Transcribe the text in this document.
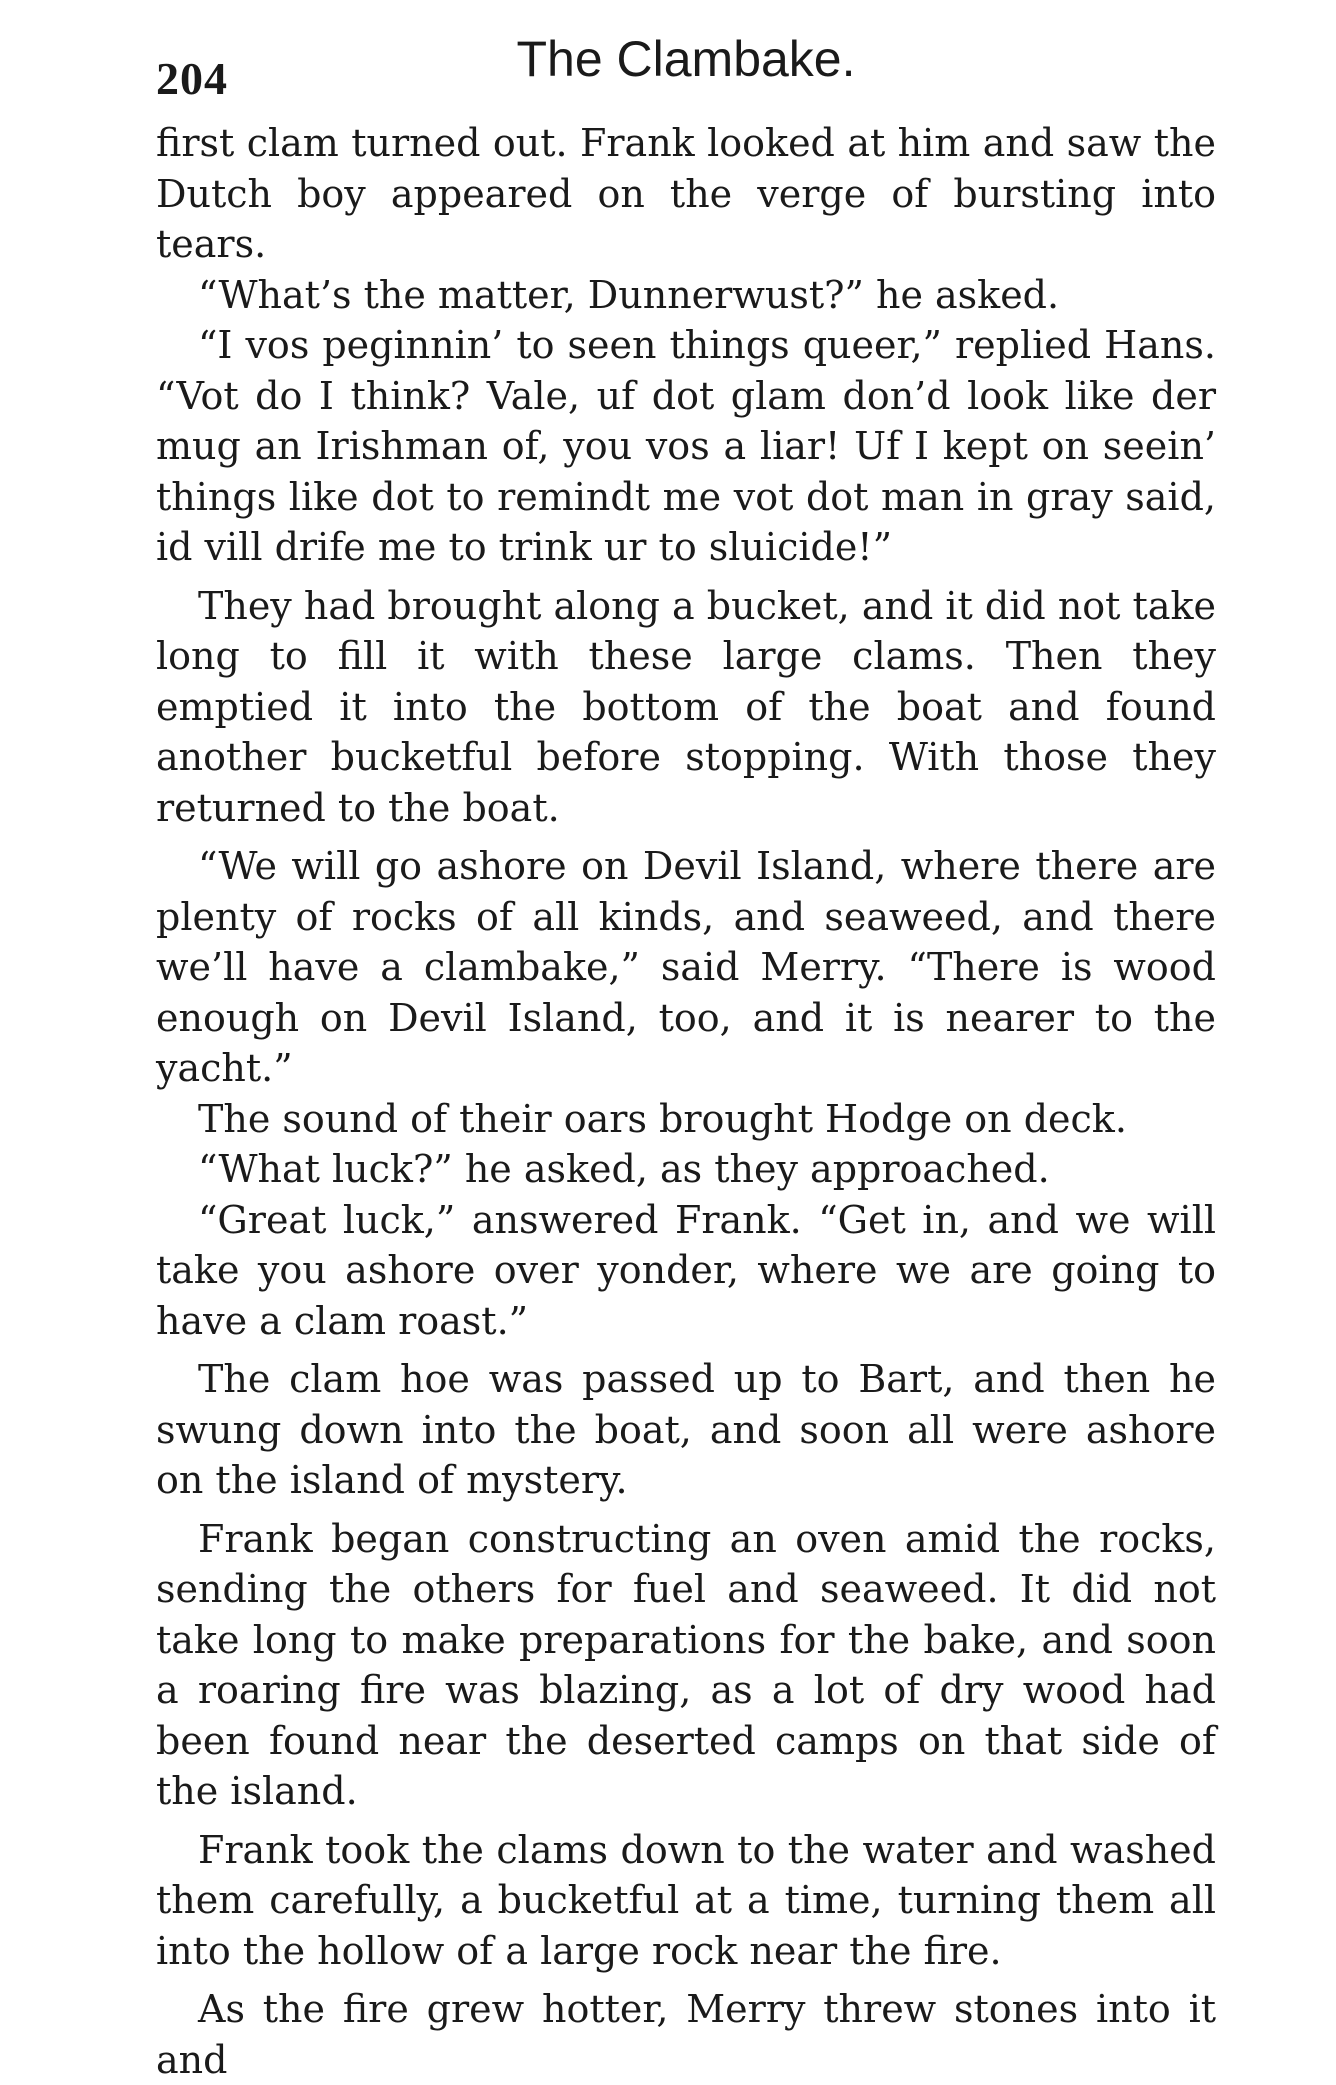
204	The Clambake.

first clam turned out. Frank looked at him and saw the Dutch boy appeared on the verge of bursting into tears.

“What’s the matter, Dunnerwust?” he asked.

“I vos peginnin’ to seen things queer,” replied Hans. “Vot do I think? Vale, uf dot glam don’d look like der mug an Irishman of, you vos a liar! Uf I kept on seein’ things like dot to remindt me vot dot man in gray said, id vill drife me to trink ur to sluicide!”

They had brought along a bucket, and it did not take long to fill it with these large clams. Then they emptied it into the bottom of the boat and found another bucketful before stopping. With those they returned to the boat.

“We will go ashore on Devil Island, where there are plenty of rocks of all kinds, and seaweed, and there we’ll have a clambake,” said Merry. “There is wood enough on Devil Island, too, and it is nearer to the yacht.”

The sound of their oars brought Hodge on deck.

“What luck?” he asked, as they approached.

“Great luck,” answered Frank. “Get in, and we will take you ashore over yonder, where we are going to have a clam roast.”

The clam hoe was passed up to Bart, and then he swung down into the boat, and soon all were ashore on the island of mystery.

Frank began constructing an oven amid the rocks, sending the others for fuel and seaweed. It did not take long to make preparations for the bake, and soon a roaring fire was blazing, as a lot of dry wood had been found near the deserted camps on that side of the island.

Frank took the clams down to the water and washed them carefully, a bucketful at a time, turning them all into the hollow of a large rock near the fire.

As the fire grew hotter, Merry threw stones into it and
